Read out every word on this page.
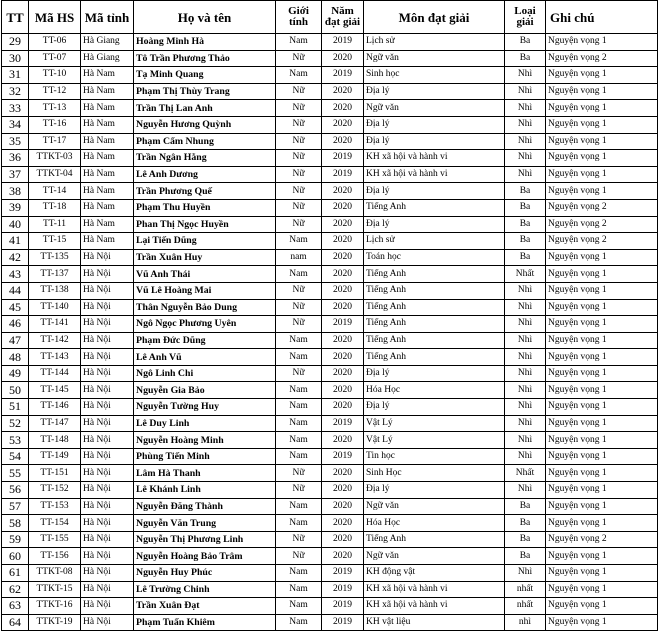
TT	Mã HS	Mã tỉnh	Họ và tên	Giới tính	Năm đạt giải	Môn đạt giải	Loại giải	Ghi chú
29	TT-06	Hà Giang	Hoàng Minh Hà	Nam	2019	Lịch sử	Ba	Nguyện vọng 1
30	TT-07	Hà Giang	Tô Trần Phương Thảo	Nữ	2020	Ngữ văn	Ba	Nguyện vọng 2
31	TT-10	Hà Nam	Tạ Minh Quang	Nam	2019	Sinh học	Nhì	Nguyện vọng 1
32	TT-12	Hà Nam	Phạm Thị Thùy Trang	Nữ	2020	Địa lý	Nhì	Nguyện vọng 1
33	TT-13	Hà Nam	Trần Thị Lan Anh	Nữ	2020	Ngữ văn	Nhì	Nguyện vọng 1
34	TT-16	Hà Nam	Nguyễn Hương Quỳnh	Nữ	2020	Địa lý	Nhì	Nguyện vọng 1
35	TT-17	Hà Nam	Phạm Cẩm Nhung	Nữ	2020	Địa lý	Nhì	Nguyện vọng 1
36	TTKT-03	Hà Nam	Trần Ngân Hằng	Nữ	2019	KH xã hội và hành vi	Nhì	Nguyện vọng 1
37	TTKT-04	Hà Nam	Lê Anh Dương	Nữ	2019	KH xã hội và hành vi	Nhì	Nguyện vọng 1
38	TT-14	Hà Nam	Trần Phương Quế	Nữ	2020	Địa lý	Ba	Nguyện vọng 1
39	TT-18	Hà Nam	Phạm Thu Huyền	Nữ	2020	Tiếng Anh	Ba	Nguyện vọng 2
40	TT-11	Hà Nam	Phan Thị Ngọc Huyền	Nữ	2020	Địa lý	Ba	Nguyện vọng 2
41	TT-15	Hà Nam	Lại Tiến Dũng	Nam	2020	Lịch sử	Ba	Nguyện vọng 2
42	TT-135	Hà Nội	Trần Xuân Huy	nam	2020	Toán học	Ba	Nguyện vọng 1
43	TT-137	Hà Nội	Vũ Anh Thái	Nam	2020	Tiếng Anh	Nhất	Nguyện vọng 1
44	TT-138	Hà Nội	Vũ Lê Hoàng Mai	Nữ	2020	Tiếng Anh	Nhì	Nguyện vọng 1
45	TT-140	Hà Nội	Thân Nguyễn Bảo Dung	Nữ	2020	Tiếng Anh	Nhì	Nguyện vọng 1
46	TT-141	Hà Nội	Ngô Ngọc Phương Uyên	Nữ	2019	Tiếng Anh	Nhì	Nguyện vọng 1
47	TT-142	Hà Nội	Phạm Đức Dũng	Nam	2020	Tiếng Anh	Nhì	Nguyện vọng 1
48	TT-143	Hà Nội	Lê Anh Vũ	Nam	2020	Tiếng Anh	Nhì	Nguyện vọng 1
49	TT-144	Hà Nội	Ngô Linh Chi	Nữ	2020	Địa lý	Nhì	Nguyện vọng 1
50	TT-145	Hà Nội	Nguyễn Gia Bảo	Nam	2020	Hóa Học	Nhì	Nguyện vọng 1
51	TT-146	Hà Nội	Nguyễn Tường Huy	Nam	2020	Địa lý	Nhì	Nguyện vọng 1
52	TT-147	Hà Nội	Lê Duy Linh	Nam	2019	Vật Lý	Nhì	Nguyện vọng 1
53	TT-148	Hà Nội	Nguyễn Hoàng Minh	Nam	2020	Vật Lý	Nhì	Nguyện vọng 1
54	TT-149	Hà Nội	Phùng Tiến Minh	Nam	2019	Tin học	Nhì	Nguyện vọng 1
55	TT-151	Hà Nội	Lâm Hà Thanh	Nữ	2020	Sinh Học	Nhất	Nguyện vọng 1
56	TT-152	Hà Nội	Lê Khánh Linh	Nữ	2020	Địa lý	Nhì	Nguyện vọng 1
57	TT-153	Hà Nội	Nguyễn Đăng Thành	Nam	2020	Ngữ văn	Ba	Nguyện vọng 1
58	TT-154	Hà Nội	Nguyễn Văn Trung	Nam	2020	Hóa Học	Ba	Nguyện vọng 1
59	TT-155	Hà Nội	Nguyễn Thị Phương Linh	Nữ	2020	Tiếng Anh	Ba	Nguyện vọng 2
60	TT-156	Hà Nội	Nguyễn Hoàng Bảo Trâm	Nữ	2020	Ngữ văn	Ba	Nguyện vọng 1
61	TTKT-08	Hà Nội	Nguyễn Huy Phúc	Nam	2019	KH động vật	Nhì	Nguyện vọng 1
62	TTKT-15	Hà Nội	Lê Trường Chinh	Nam	2019	KH xã hội và hành vi	nhất	Nguyện vọng 1
63	TTKT-16	Hà Nội	Trần Xuân Đạt	Nam	2019	KH xã hội và hành vi	nhất	Nguyện vọng 1
64	TTKT-19	Hà Nội	Phạm Tuấn Khiêm	Nam	2019	KH vật liệu	nhì	Nguyện vọng 1
